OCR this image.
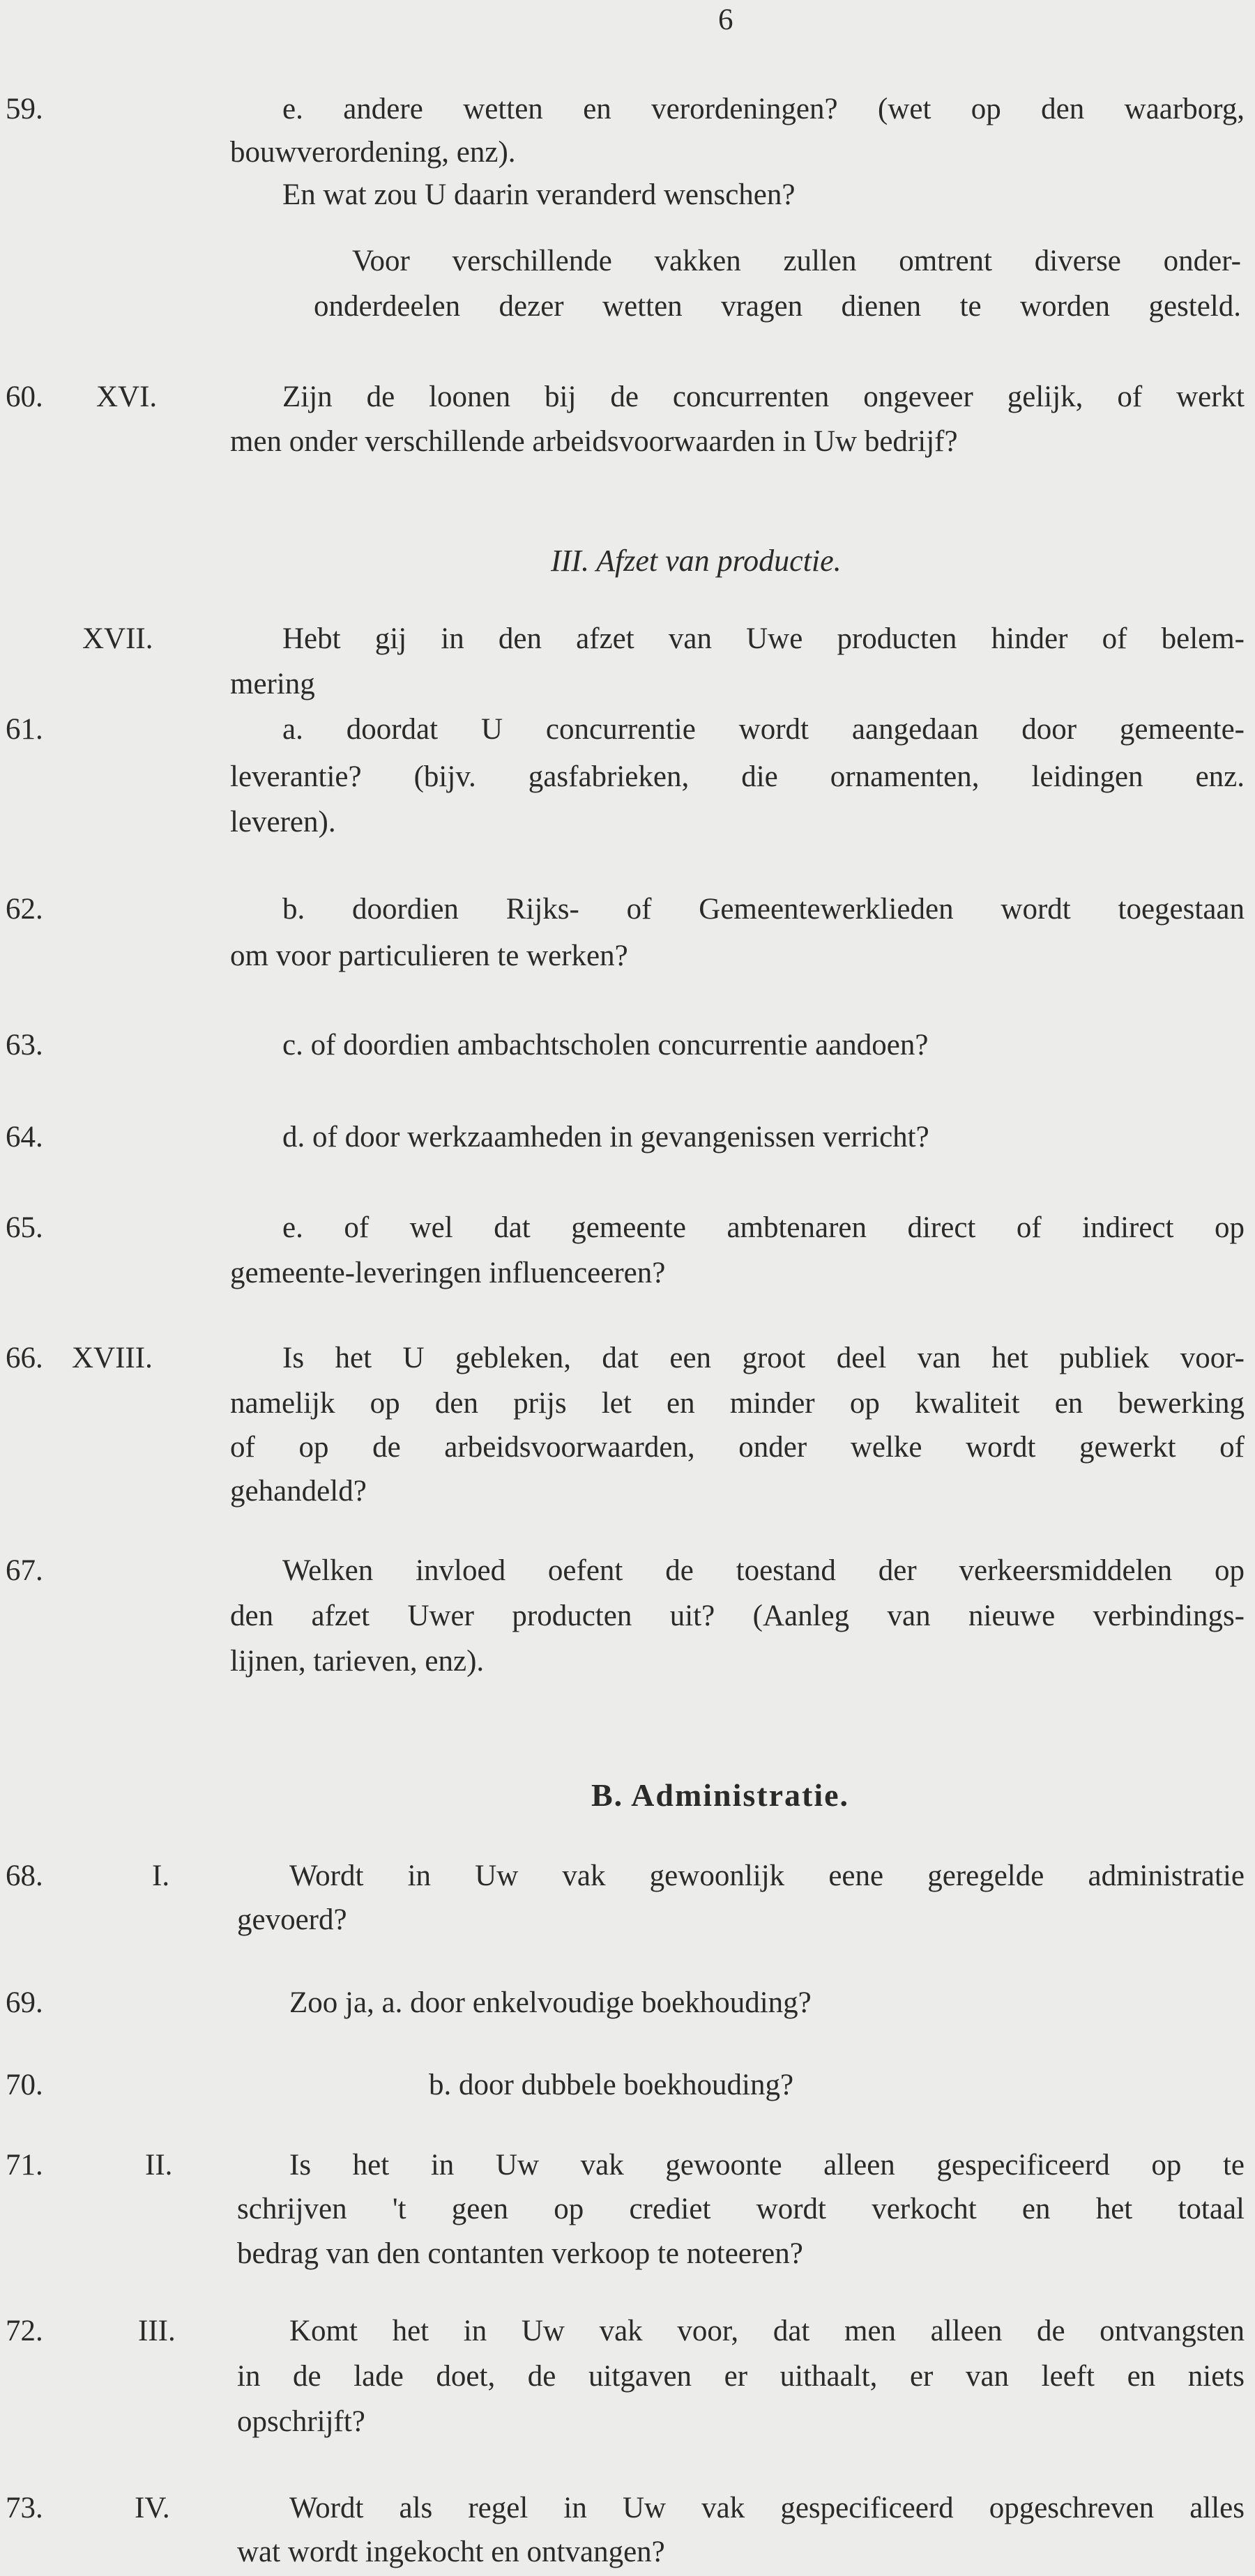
6
59.	e. andere wetten en verordeningen? (wet op den waarborg,
bouwverordening, enz).
En wat zou U daarin veranderd wenschen?
Voor verschillende vakken zullen omtrent diverse onder-
onderdeelen dezer wetten vragen dienen te worden gesteld.
60. XVI.	Zijn de loonen bij de concurrenten ongeveer gelijk, of werkt
men onder verschillende arbeidsvoorwaarden in Uw bedrijf?
III. Afzet van productie.
XVII.	Hebt gij in den afzet van Uwe producten hinder of belem-
mering
61.	a. doordat U concurrentie wordt aangedaan door gemeente-
leverantie? (bijv. gasfabrieken, die ornamenten, leidingen enz.
leveren).
62.	b. doordien Rijks- of Gemeentewerklieden wordt toegestaan
om voor particulieren te werken?
63.	c. of doordien ambachtscholen concurrentie aandoen?
64.	d. of door werkzaamheden in gevangenissen verricht?
65.	e. of wel dat gemeente ambtenaren direct of indirect op
gemeente-leveringen influenceeren?
66. XVIII.	Is het U gebleken, dat een groot deel van het publiek voor-
namelijk op den prijs let en minder op kwaliteit en bewerking
of op de arbeidsvoorwaarden, onder welke wordt gewerkt of
gehandeld?
67.	Welken invloed oefent de toestand der verkeersmiddelen op
den afzet Uwer producten uit? (Aanleg van nieuwe verbindings-
lijnen, tarieven, enz).
B. Administratie.
68.	I.	Wordt in Uw vak gewoonlijk eene geregelde administratie
gevoerd?
69.	Zoo ja, a. door enkelvoudige boekhouding?
70.	b. door dubbele boekhouding?
71.	II.	Is het in Uw vak gewoonte alleen gespecificeerd op te
schrijven 't geen op crediet wordt verkocht en het totaal
bedrag van den contanten verkoop te noteeren?
72.	III.	Komt het in Uw vak voor, dat men alleen de ontvangsten
in de lade doet, de uitgaven er uithaalt, er van leeft en niets
opschrijft?
73.	IV.	Wordt als regel in Uw vak gespecificeerd opgeschreven alles
wat wordt ingekocht en ontvangen?
